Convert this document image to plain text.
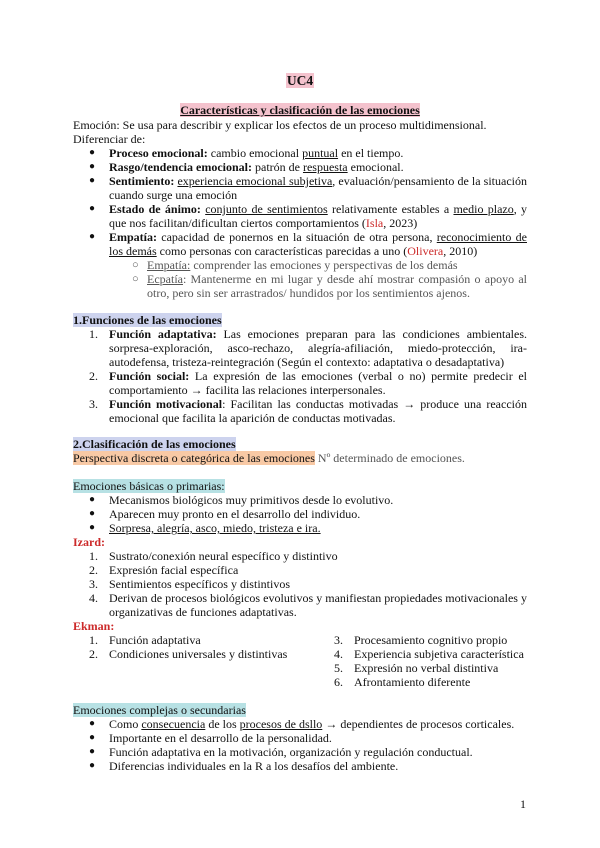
UC4
Características y clasificación de las emociones
Emoción: Se usa para describir y explicar los efectos de un proceso multidimensional.
Diferenciar de:
● Proceso emocional: cambio emocional puntual en el tiempo.
● Rasgo/tendencia emocional: patrón de respuesta emocional.
● Sentimiento: experiencia emocional subjetiva, evaluación/pensamiento de la situación cuando surge una emoción
● Estado de ánimo: conjunto de sentimientos relativamente estables a medio plazo, y que nos facilitan/dificultan ciertos comportamientos (Isla, 2023)
● Empatía: capacidad de ponernos en la situación de otra persona, reconocimiento de los demás como personas con características parecidas a uno (Olivera, 2010)
○ Empatía: comprender las emociones y perspectivas de los demás
○ Ecpatía: Mantenerme en mi lugar y desde ahí mostrar compasión o apoyo al otro, pero sin ser arrastrados/ hundidos por los sentimientos ajenos.
1.Funciones de las emociones
1. Función adaptativa: Las emociones preparan para las condiciones ambientales. sorpresa-exploración, asco-rechazo, alegría-afiliación, miedo-protección, ira-autodefensa, tristeza-reintegración (Según el contexto: adaptativa o desadaptativa)
2. Función social: La expresión de las emociones (verbal o no) permite predecir el comportamiento → facilita las relaciones interpersonales.
3. Función motivacional: Facilitan las conductas motivadas → produce una reacción emocional que facilita la aparición de conductas motivadas.
2.Clasificación de las emociones
Perspectiva discreta o categórica de las emociones Nº determinado de emociones.
Emociones básicas o primarias:
● Mecanismos biológicos muy primitivos desde lo evolutivo.
● Aparecen muy pronto en el desarrollo del individuo.
● Sorpresa, alegría, asco, miedo, tristeza e ira.
Izard:
1. Sustrato/conexión neural específico y distintivo
2. Expresión facial específica
3. Sentimientos específicos y distintivos
4. Derivan de procesos biológicos evolutivos y manifiestan propiedades motivacionales y organizativas de funciones adaptativas.
Ekman:
1. Función adaptativa
2. Condiciones universales y distintivas
3. Procesamiento cognitivo propio
4. Experiencia subjetiva característica
5. Expresión no verbal distintiva
6. Afrontamiento diferente
Emociones complejas o secundarias
● Como consecuencia de los procesos de dsllo → dependientes de procesos corticales.
● Importante en el desarrollo de la personalidad.
● Función adaptativa en la motivación, organización y regulación conductual.
● Diferencias individuales en la R a los desafíos del ambiente.
1
